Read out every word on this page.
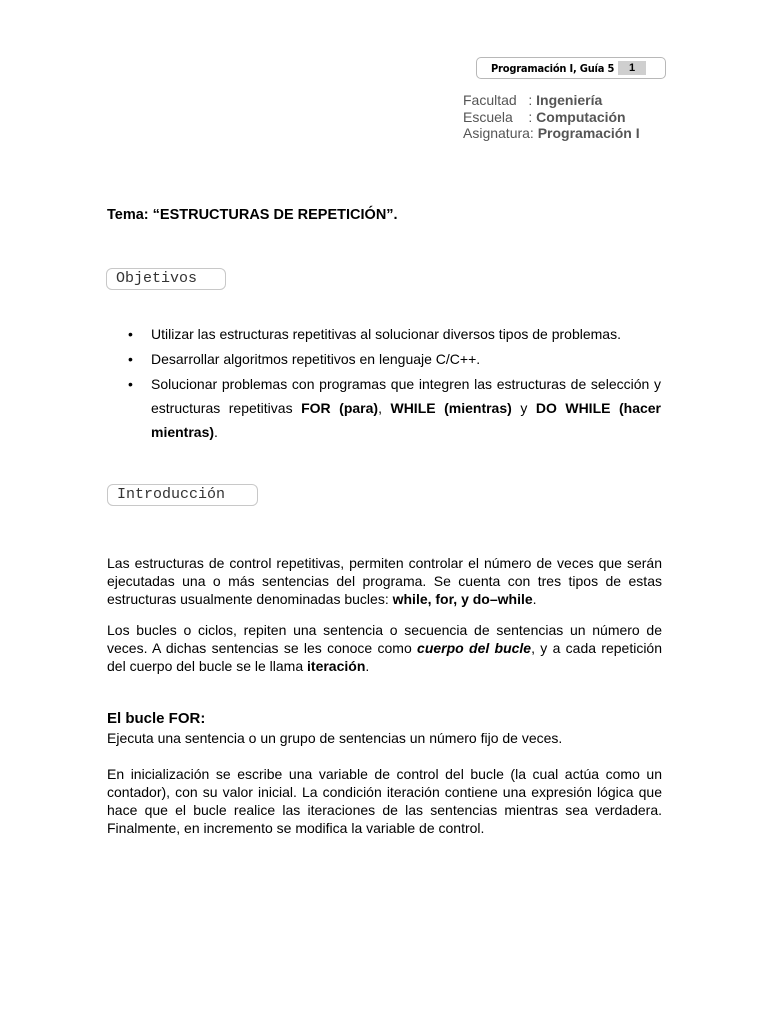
Programación I, Guía 5	1
Facultad   : Ingeniería
Escuela    : Computación
Asignatura: Programación I
Tema: “ESTRUCTURAS DE REPETICIÓN”.
Objetivos
• Utilizar las estructuras repetitivas al solucionar diversos tipos de problemas.
• Desarrollar algoritmos repetitivos en lenguaje C/C++.
• Solucionar problemas con programas que integren las estructuras de selección y estructuras repetitivas FOR (para), WHILE (mientras) y DO WHILE (hacer mientras).
Introducción
Las estructuras de control repetitivas, permiten controlar el número de veces que serán ejecutadas una o más sentencias del programa. Se cuenta con tres tipos de estas estructuras usualmente denominadas bucles: while, for, y do–while.
Los bucles o ciclos, repiten una sentencia o secuencia de sentencias un número de veces. A dichas sentencias se les conoce como cuerpo del bucle, y a cada repetición del cuerpo del bucle se le llama iteración.
El bucle FOR:
Ejecuta una sentencia o un grupo de sentencias un número fijo de veces.
En inicialización se escribe una variable de control del bucle (la cual actúa como un contador), con su valor inicial. La condición iteración contiene una expresión lógica que hace que el bucle realice las iteraciones de las sentencias mientras sea verdadera. Finalmente, en incremento se modifica la variable de control.
